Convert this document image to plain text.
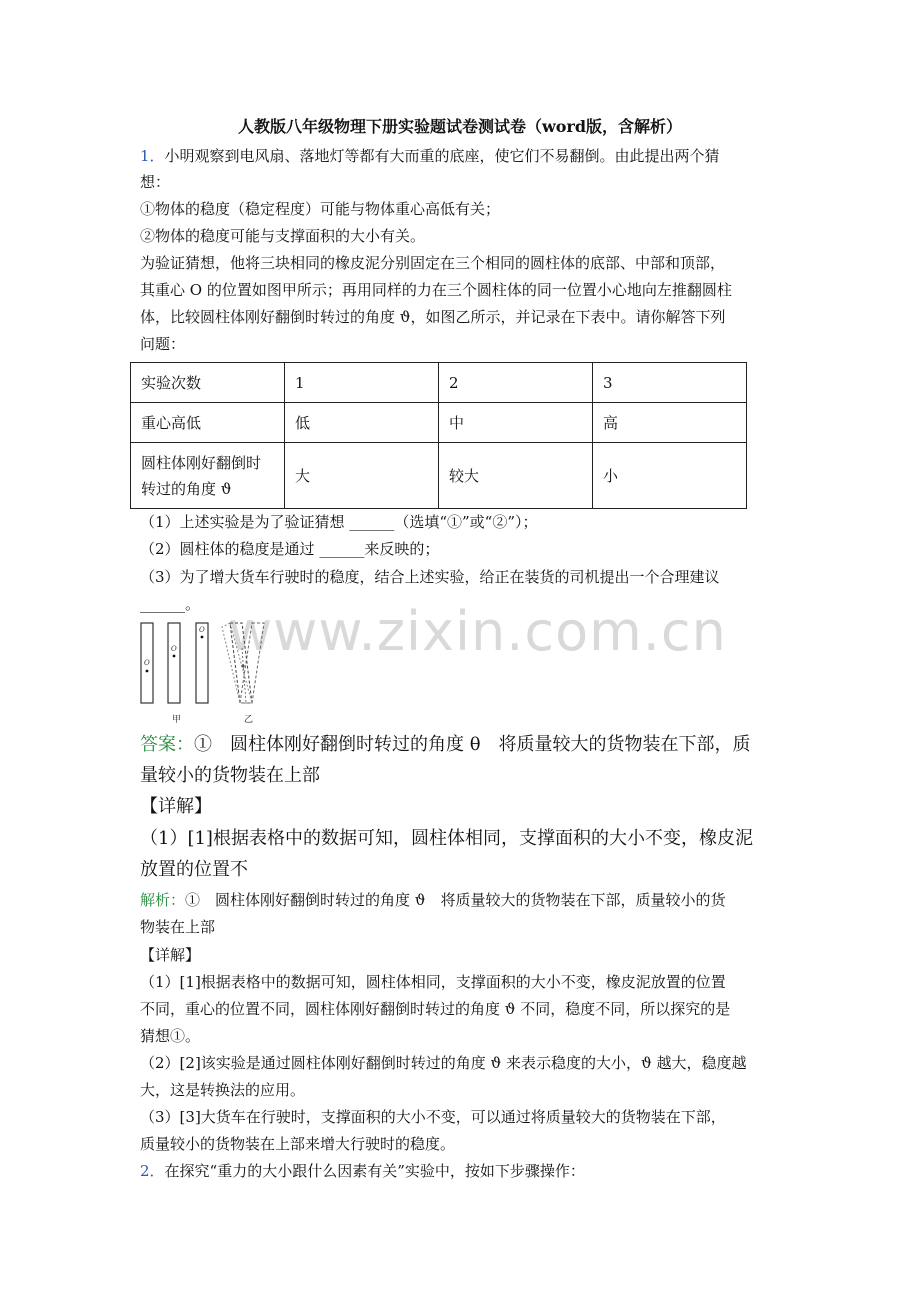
人教版八年级物理下册实验题试卷测试卷（word版，含解析）
1．小明观察到电风扇、落地灯等都有大而重的底座，使它们不易翻倒。由此提出两个猜
想：
①物体的稳度（稳定程度）可能与物体重心高低有关；
②物体的稳度可能与支撑面积的大小有关。
为验证猜想，他将三块相同的橡皮泥分别固定在三个相同的圆柱体的底部、中部和顶部，
其重心 O 的位置如图甲所示；再用同样的力在三个圆柱体的同一位置小心地向左推翻圆柱
体，比较圆柱体刚好翻倒时转过的角度 ϑ，如图乙所示，并记录在下表中。请你解答下列
问题：
实验次数	1	2	3
重心高低	低	中	高
圆柱体刚好翻倒时转过的角度 ϑ	大	较大	小
（1）上述实验是为了验证猜想 ______（选填“①”或“②”）；
（2）圆柱体的稳度是通过 ______来反映的；
（3）为了增大货车行驶时的稳度，结合上述实验，给正在装货的司机提出一个合理建议
______。 www.zixin.com.cn
O
O
O
甲	乙
答案：①　圆柱体刚好翻倒时转过的角度 θ　将质量较大的货物装在下部，质
量较小的货物装在上部
【详解】
（1）[1]根据表格中的数据可知，圆柱体相同，支撑面积的大小不变，橡皮泥
放置的位置不
解析：①　圆柱体刚好翻倒时转过的角度 ϑ　将质量较大的货物装在下部，质量较小的货
物装在上部
【详解】
（1）[1]根据表格中的数据可知，圆柱体相同，支撑面积的大小不变，橡皮泥放置的位置
不同，重心的位置不同，圆柱体刚好翻倒时转过的角度 ϑ 不同，稳度不同，所以探究的是
猜想①。
（2）[2]该实验是通过圆柱体刚好翻倒时转过的角度 ϑ 来表示稳度的大小，ϑ 越大，稳度越
大，这是转换法的应用。
（3）[3]大货车在行驶时，支撑面积的大小不变，可以通过将质量较大的货物装在下部，
质量较小的货物装在上部来增大行驶时的稳度。
2．在探究“重力的大小跟什么因素有关”实验中，按如下步骤操作：
